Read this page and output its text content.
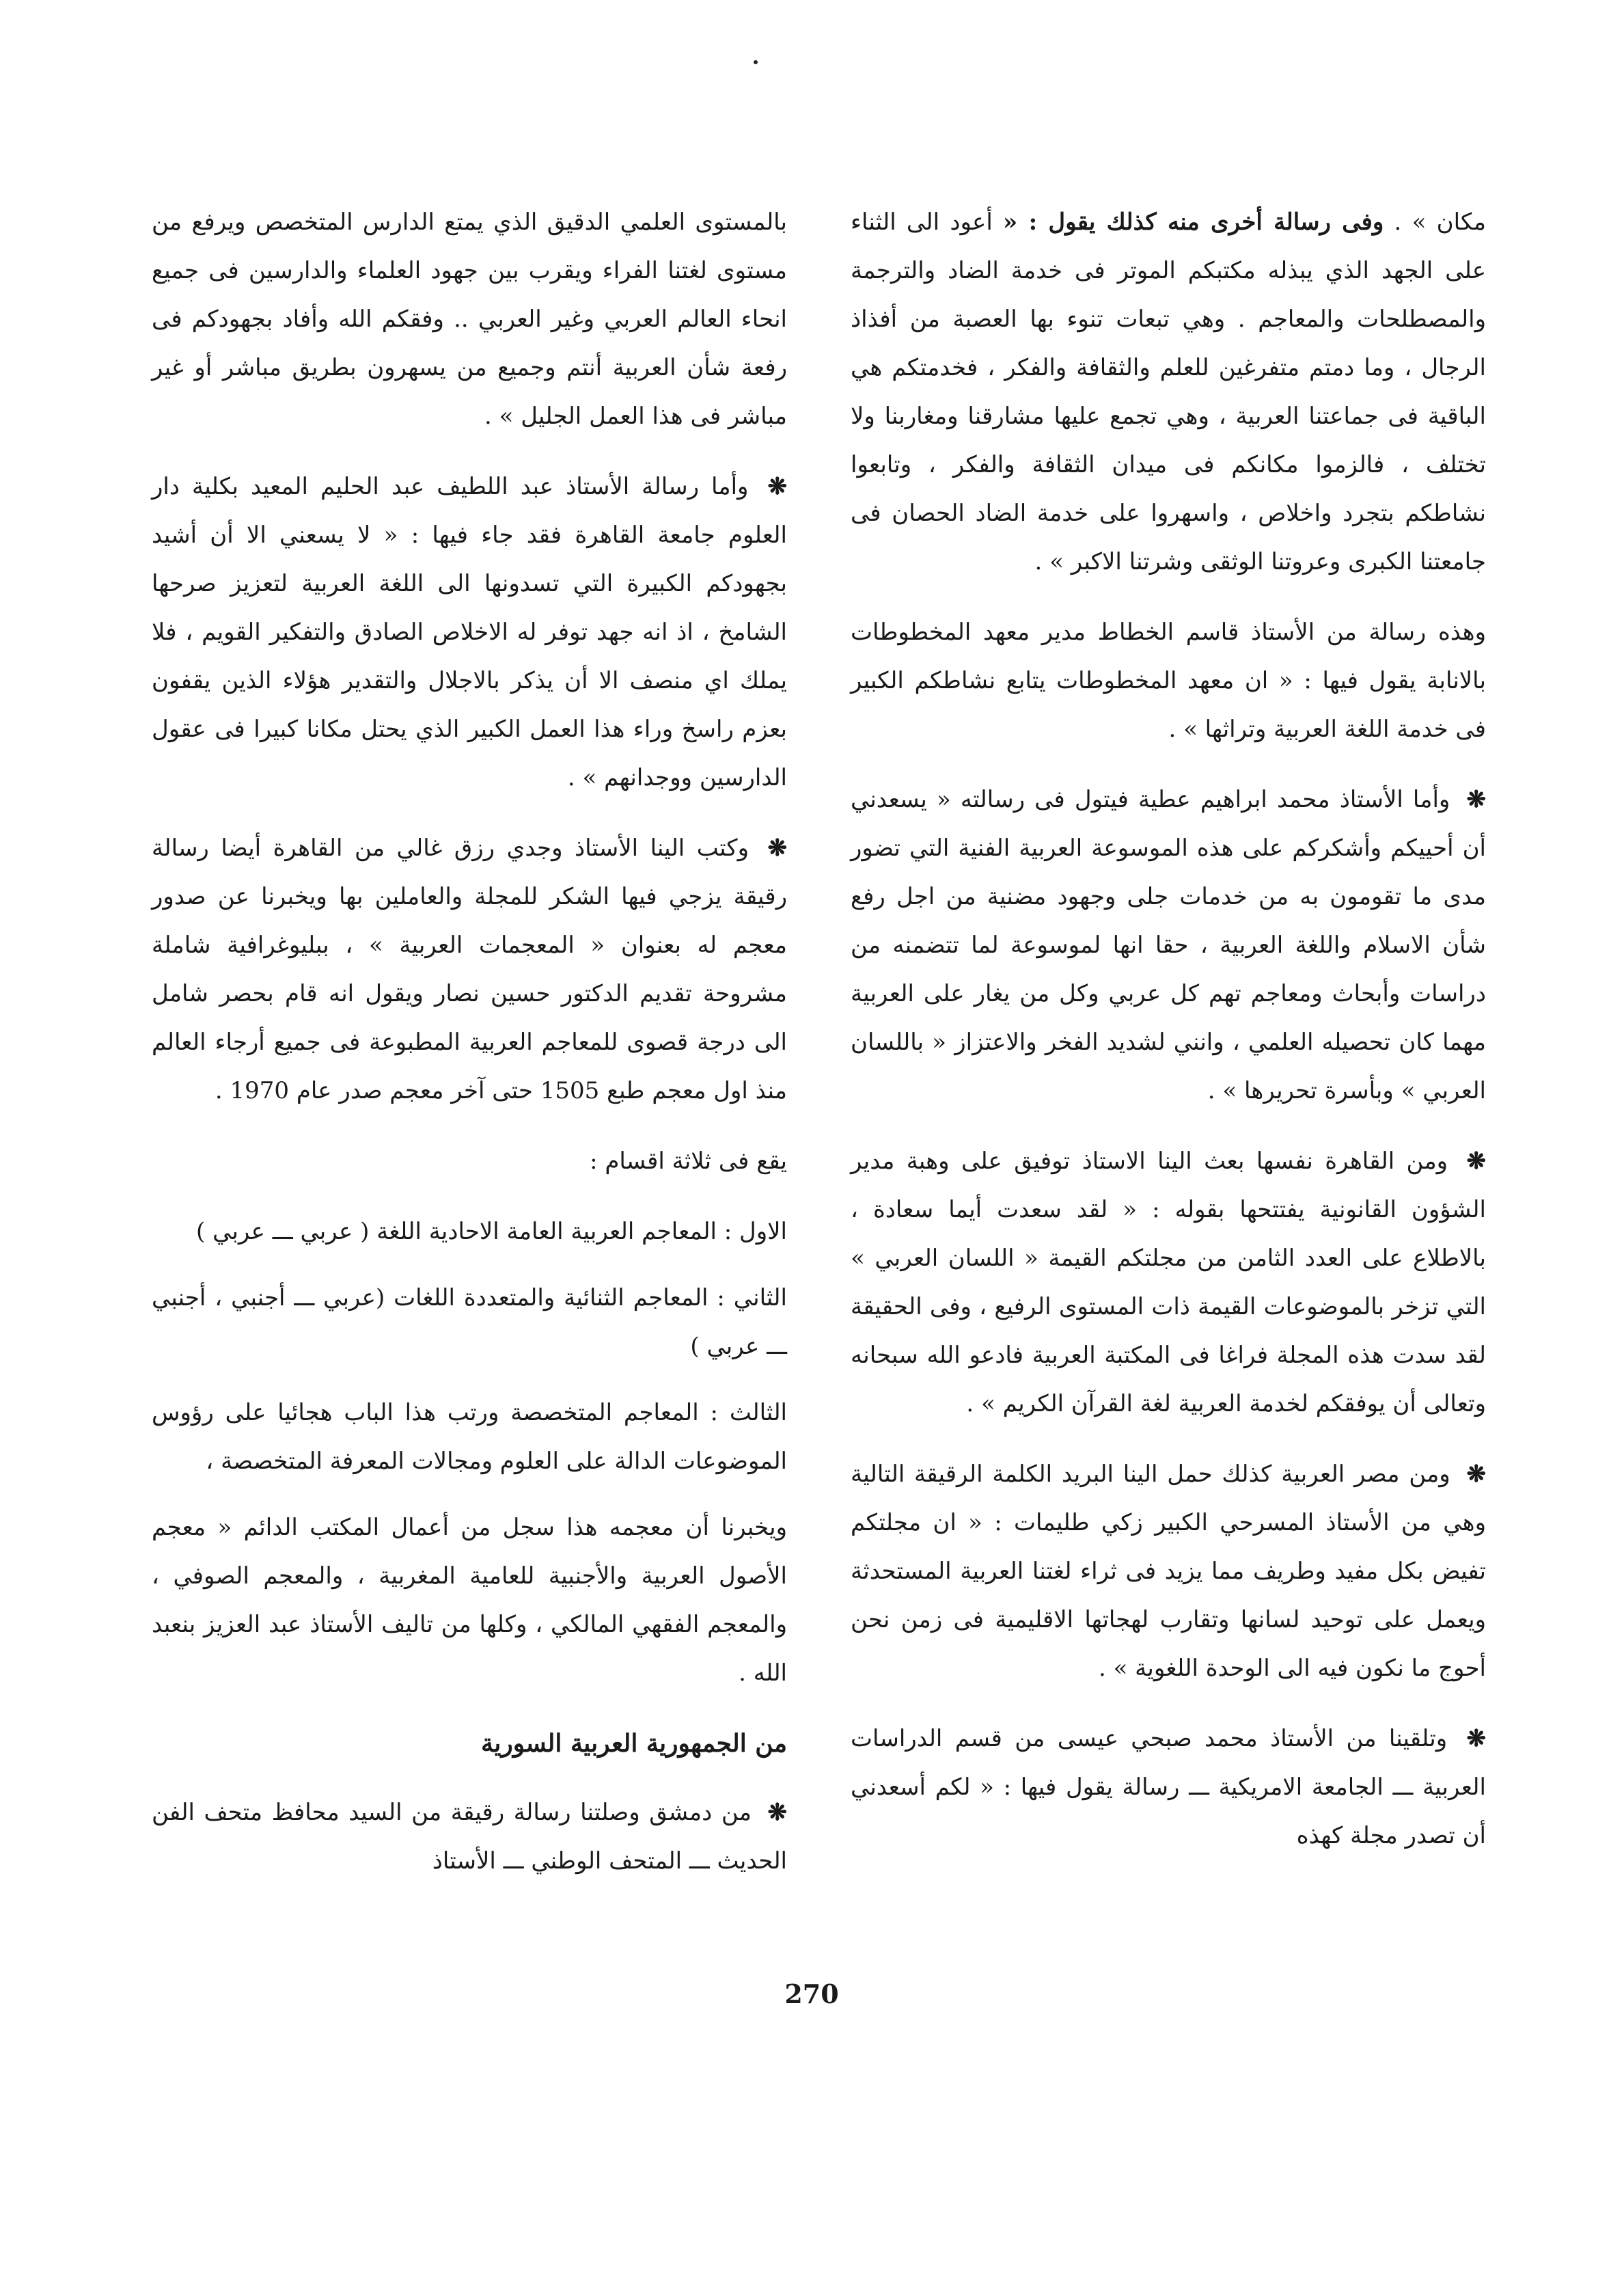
مكان » . وفى رسالة أخرى منه كذلك يقول : « أعود الى الثناء على الجهد الذي يبذله مكتبكم الموتر فى خدمة الضاد والترجمة والمصطلحات والمعاجم . وهي تبعات تنوء بها العصبة من أفذاذ الرجال ، وما دمتم متفرغين للعلم والثقافة والفكر ، فخدمتكم هي الباقية فى جماعتنا العربية ، وهي تجمع عليها مشارقنا ومغاربنا ولا تختلف ، فالزموا مكانكم فى ميدان الثقافة والفكر ، وتابعوا نشاطكم بتجرد واخلاص ، واسهروا على خدمة الضاد الحصان فى جامعتنا الكبرى وعروتنا الوثقى وشرتنا الاكبر » .

وهذه رسالة من الأستاذ قاسم الخطاط مدير معهد المخطوطات بالانابة يقول فيها : « ان معهد المخطوطات يتابع نشاطكم الكبير فى خدمة اللغة العربية وتراثها » .

❋ وأما الأستاذ محمد ابراهيم عطية فيتول فى رسالته « يسعدني أن أحييكم وأشكركم على هذه الموسوعة العربية الفنية التي تضور مدى ما تقومون به من خدمات جلى وجهود مضنية من اجل رفع شأن الاسلام واللغة العربية ، حقا انها لموسوعة لما تتضمنه من دراسات وأبحاث ومعاجم تهم كل عربي وكل من يغار على العربية مهما كان تحصيله العلمي ، وانني لشديد الفخر والاعتزاز « باللسان العربي » وبأسرة تحريرها » .

❋ ومن القاهرة نفسها بعث الينا الاستاذ توفيق على وهبة مدير الشؤون القانونية يفتتحها بقوله : « لقد سعدت أيما سعادة ، بالاطلاع على العدد الثامن من مجلتكم القيمة « اللسان العربي » التي تزخر بالموضوعات القيمة ذات المستوى الرفيع ، وفى الحقيقة لقد سدت هذه المجلة فراغا فى المكتبة العربية فادعو الله سبحانه وتعالى أن يوفقكم لخدمة العربية لغة القرآن الكريم » .

❋ ومن مصر العربية كذلك حمل الينا البريد الكلمة الرقيقة التالية وهي من الأستاذ المسرحي الكبير زكي طليمات : « ان مجلتكم تفيض بكل مفيد وطريف مما يزيد فى ثراء لغتنا العربية المستحدثة ويعمل على توحيد لسانها وتقارب لهجاتها الاقليمية فى زمن نحن أحوج ما نكون فيه الى الوحدة اللغوية » .

❋ وتلقينا من الأستاذ محمد صبحي عيسى من قسم الدراسات العربية ـــ الجامعة الامريكية ـــ رسالة يقول فيها : « لكم أسعدني أن تصدر مجلة كهذه

بالمستوى العلمي الدقيق الذي يمتع الدارس المتخصص ويرفع من مستوى لغتنا الفراء ويقرب بين جهود العلماء والدارسين فى جميع انحاء العالم العربي وغير العربي .. وفقكم الله وأفاد بجهودكم فى رفعة شأن العربية أنتم وجميع من يسهرون بطريق مباشر أو غير مباشر فى هذا العمل الجليل » .

❋ وأما رسالة الأستاذ عبد اللطيف عبد الحليم المعيد بكلية دار العلوم جامعة القاهرة فقد جاء فيها : « لا يسعني الا أن أشيد بجهودكم الكبيرة التي تسدونها الى اللغة العربية لتعزيز صرحها الشامخ ، اذ انه جهد توفر له الاخلاص الصادق والتفكير القويم ، فلا يملك اي منصف الا أن يذكر بالاجلال والتقدير هؤلاء الذين يقفون بعزم راسخ وراء هذا العمل الكبير الذي يحتل مكانا كبيرا فى عقول الدارسين ووجدانهم » .

❋ وكتب الينا الأستاذ وجدي رزق غالي من القاهرة أيضا رسالة رقيقة يزجي فيها الشكر للمجلة والعاملين بها ويخبرنا عن صدور معجم له بعنوان « المعجمات العربية » ، ببليوغرافية شاملة مشروحة تقديم الدكتور حسين نصار ويقول انه قام بحصر شامل الى درجة قصوى للمعاجم العربية المطبوعة فى جميع أرجاء العالم منذ اول معجم طبع 1505 حتى آخر معجم صدر عام 1970 .

يقع فى ثلاثة اقسام :

الاول : المعاجم العربية العامة الاحادية اللغة ( عربي ـــ عربي )

الثاني : المعاجم الثنائية والمتعددة اللغات (عربي ـــ أجنبي ، أجنبي ـــ عربي )

الثالث : المعاجم المتخصصة ورتب هذا الباب هجائيا على رؤوس الموضوعات الدالة على العلوم ومجالات المعرفة المتخصصة ،

ويخبرنا أن معجمه هذا سجل من أعمال المكتب الدائم « معجم الأصول العربية والأجنبية للعامية المغربية ، والمعجم الصوفي ، والمعجم الفقهي المالكي ، وكلها من تاليف الأستاذ عبد العزيز بنعبد الله .

من الجمهورية العربية السورية

❋ من دمشق وصلتنا رسالة رقيقة من السيد محافظ متحف الفن الحديث ـــ المتحف الوطني ـــ الأستاذ

270
